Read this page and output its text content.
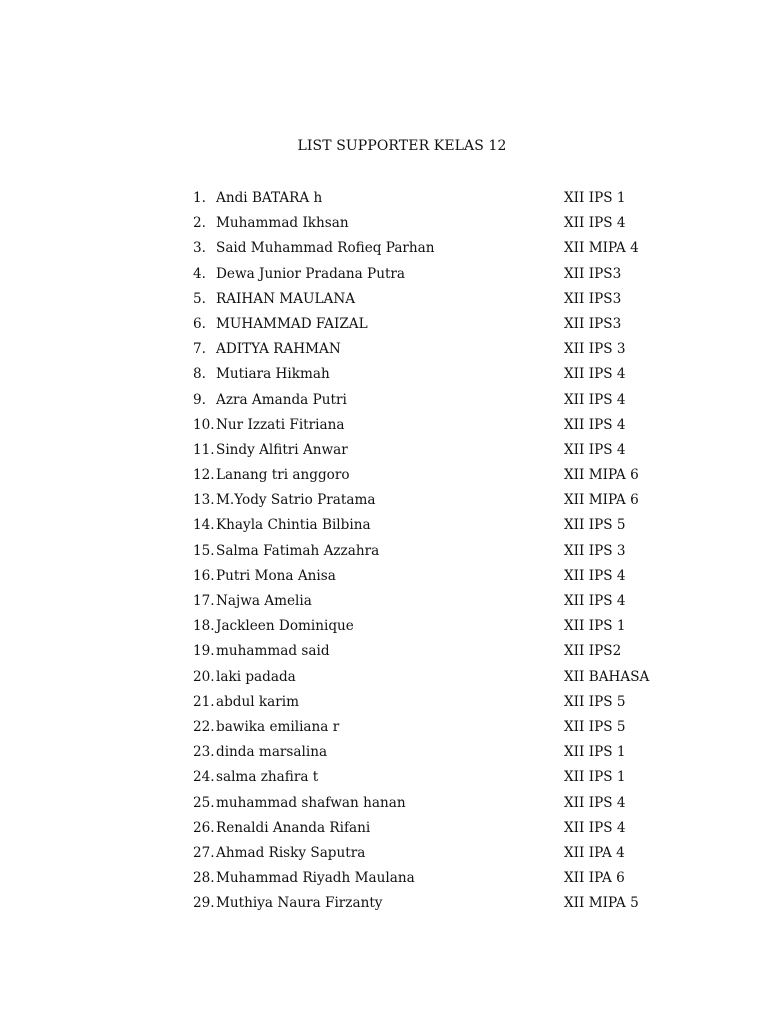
LIST SUPPORTER KELAS 12
1. Andi BATARA h	XII IPS 1
2. Muhammad Ikhsan	XII IPS 4
3. Said Muhammad Rofieq Parhan	XII MIPA 4
4. Dewa Junior Pradana Putra	XII IPS3
5. RAIHAN MAULANA	XII IPS3
6. MUHAMMAD FAIZAL	XII IPS3
7. ADITYA RAHMAN	XII IPS 3
8. Mutiara Hikmah	XII IPS 4
9. Azra Amanda Putri	XII IPS 4
10. Nur Izzati Fitriana	XII IPS 4
11. Sindy Alfitri Anwar	XII IPS 4
12. Lanang tri anggoro	XII MIPA 6
13. M.Yody Satrio Pratama	XII MIPA 6
14. Khayla Chintia Bilbina	XII IPS 5
15. Salma Fatimah Azzahra	XII IPS 3
16. Putri Mona Anisa	XII IPS 4
17. Najwa Amelia	XII IPS 4
18. Jackleen Dominique	XII IPS 1
19. muhammad said	XII IPS2
20. laki padada	XII BAHASA
21. abdul karim	XII IPS 5
22. bawika emiliana r	XII IPS 5
23. dinda marsalina	XII IPS 1
24. salma zhafira t	XII IPS 1
25. muhammad shafwan hanan	XII IPS 4
26. Renaldi Ananda Rifani	XII IPS 4
27. Ahmad Risky Saputra	XII IPA 4
28. Muhammad Riyadh Maulana	XII IPA 6
29. Muthiya Naura Firzanty	XII MIPA 5
